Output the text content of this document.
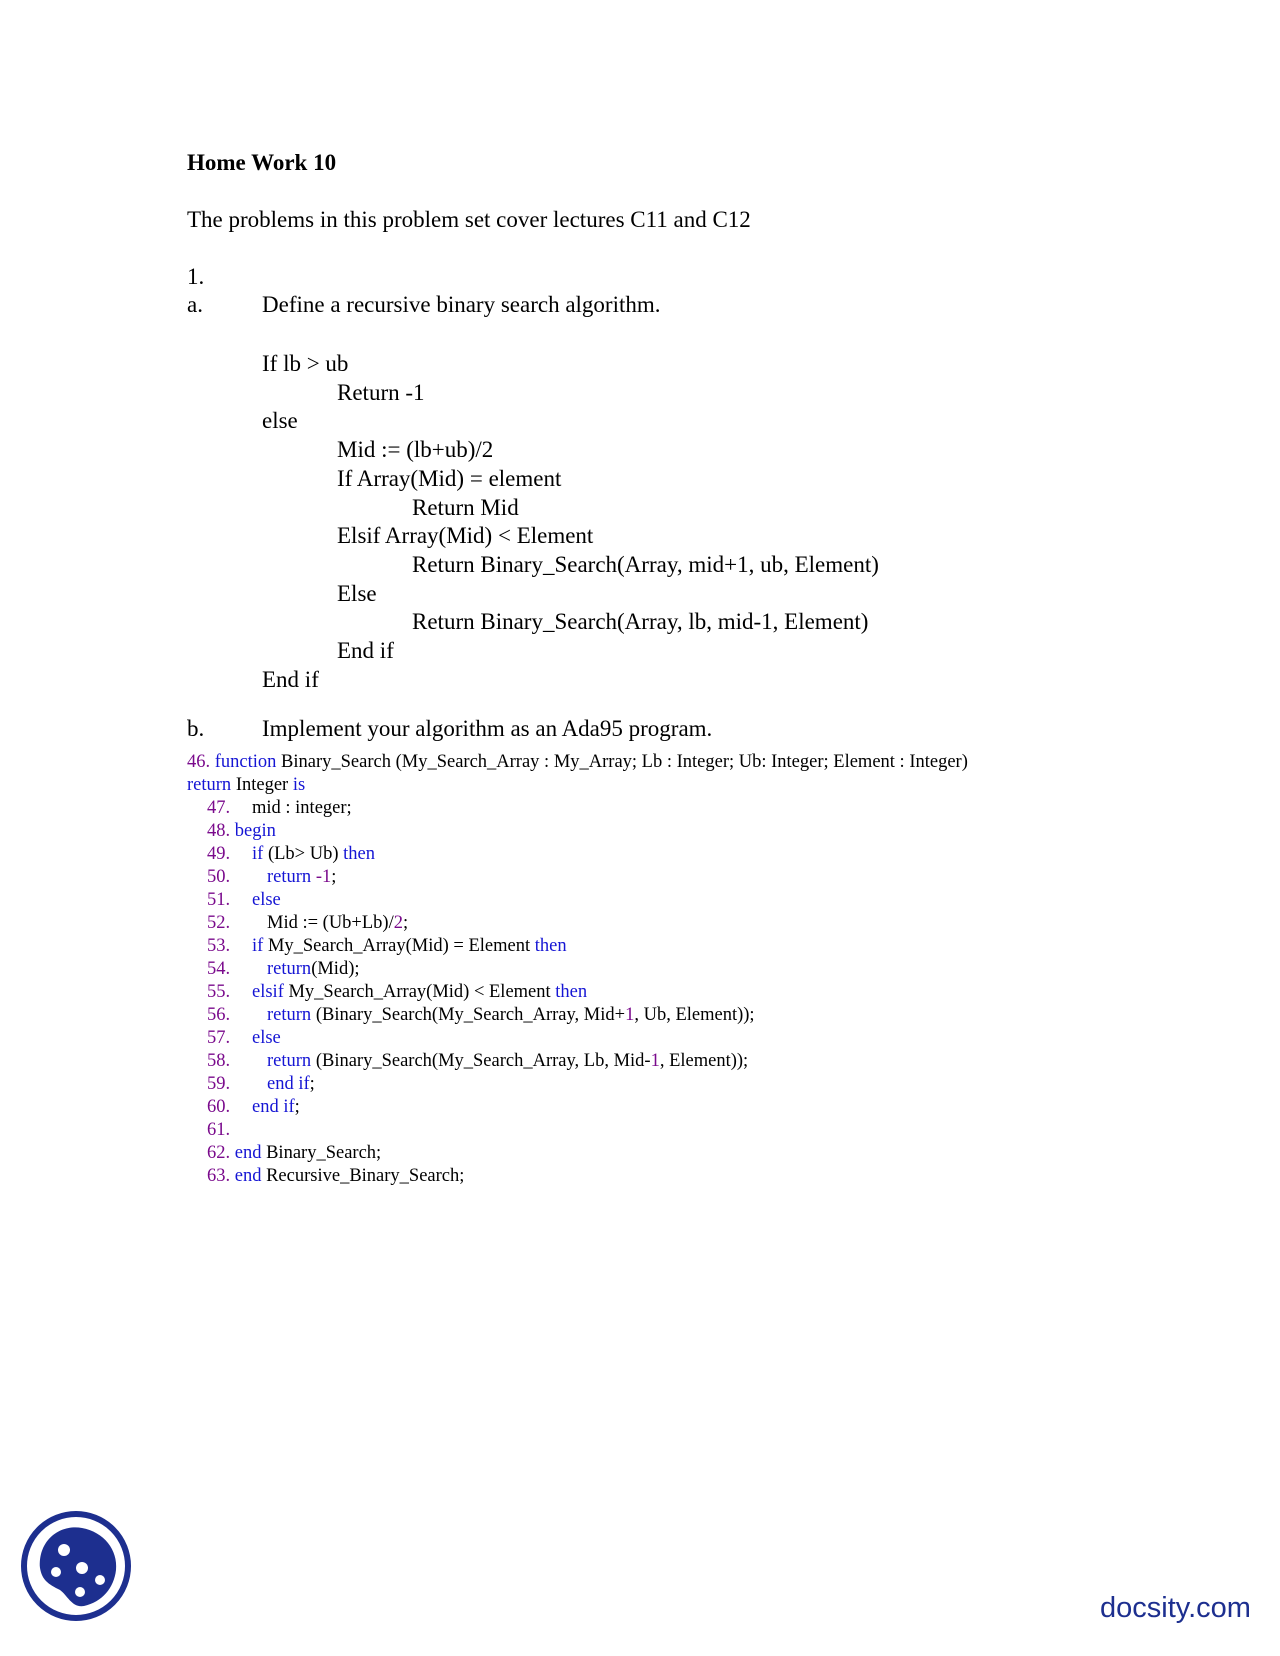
Home Work 10
The problems in this problem set cover lectures C11 and C12
1.
a.	Define a recursive binary search algorithm.
If lb > ub
Return -1
else
Mid := (lb+ub)/2
If Array(Mid) = element
Return Mid
Elsif Array(Mid) < Element
Return Binary_Search(Array, mid+1, ub, Element)
Else
Return Binary_Search(Array, lb, mid-1, Element)
End if
End if
b.	Implement your algorithm as an Ada95 program.
46. function Binary_Search (My_Search_Array : My_Array; Lb : Integer; Ub: Integer; Element : Integer)
return Integer is
47. mid : integer;
48. begin
49. if (Lb> Ub) then
50. return -1;
51. else
52. Mid := (Ub+Lb)/2;
53. if My_Search_Array(Mid) = Element then
54. return(Mid);
55. elsif My_Search_Array(Mid) < Element then
56. return (Binary_Search(My_Search_Array, Mid+1, Ub, Element));
57. else
58. return (Binary_Search(My_Search_Array, Lb, Mid-1, Element));
59. end if;
60. end if;
61.
62. end Binary_Search;
63. end Recursive_Binary_Search;
docsity.com
